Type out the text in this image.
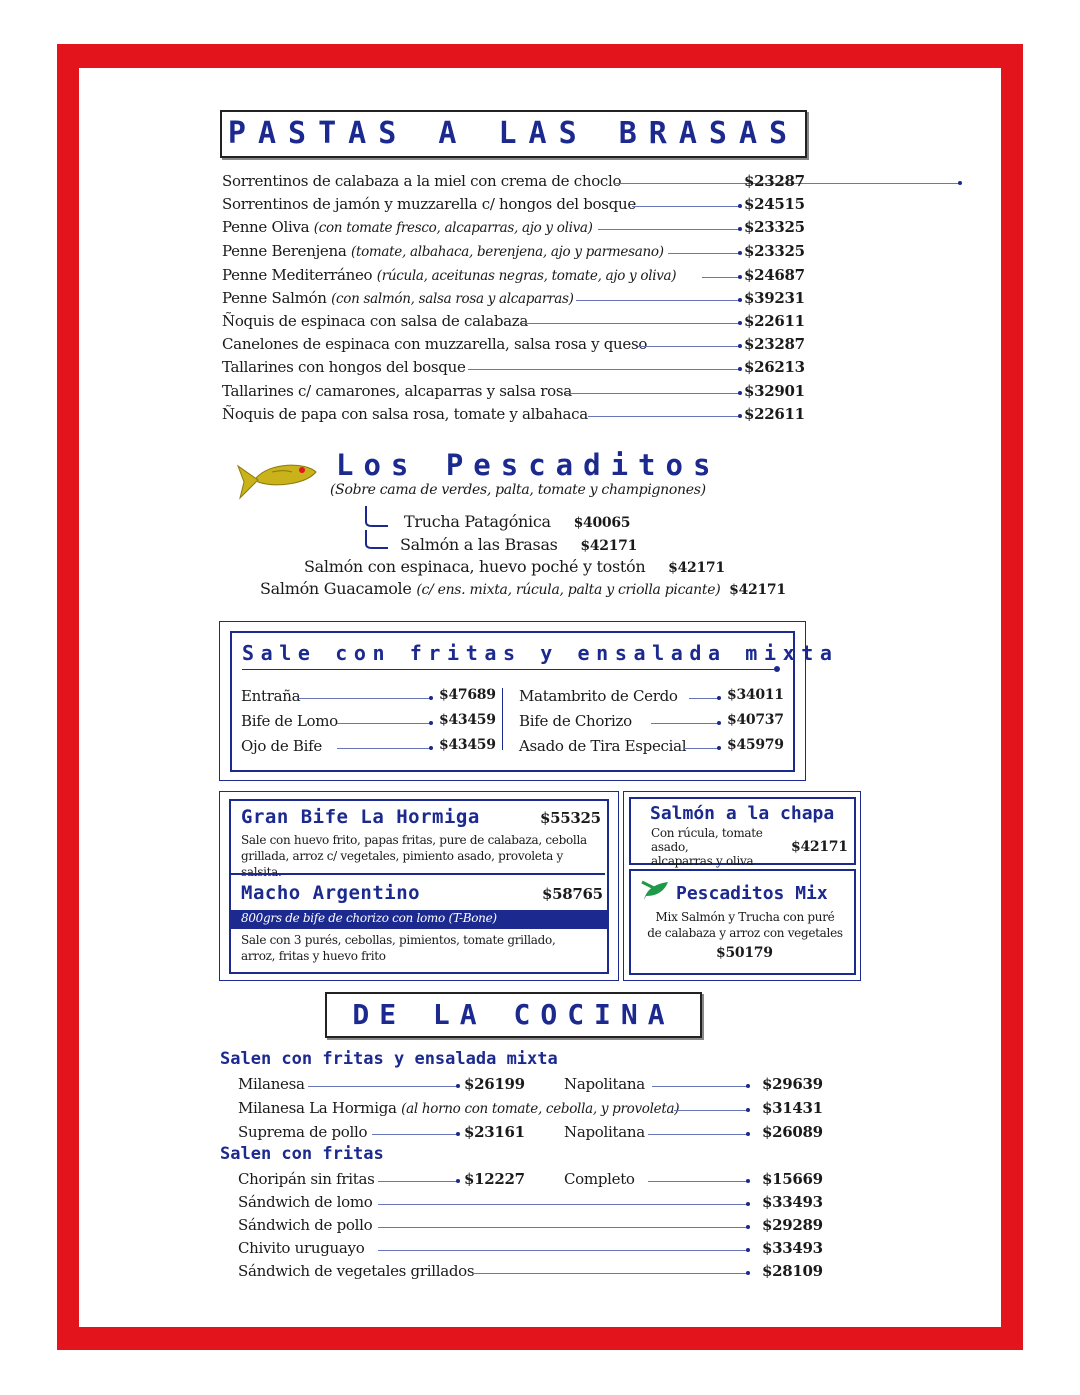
PASTAS A LAS BRASAS
Sorrentinos de calabaza a la miel con crema de choclo	$23287
Sorrentinos de jamón y muzzarella c/ hongos del bosque	$24515
Penne Oliva (con tomate fresco, alcaparras, ajo y oliva)	$23325
Penne Berenjena (tomate, albahaca, berenjena, ajo y parmesano)	$23325
Penne Mediterráneo (rúcula, aceitunas negras, tomate, ajo y oliva)	$24687
Penne Salmón (con salmón, salsa rosa y alcaparras)	$39231
Ñoquis de espinaca con salsa de calabaza	$22611
Canelones de espinaca con muzzarella, salsa rosa y queso	$23287
Tallarines con hongos del bosque	$26213
Tallarines c/ camarones, alcaparras y salsa rosa	$32901
Ñoquis de papa con salsa rosa, tomate y albahaca	$22611
Los Pescaditos
(Sobre cama de verdes, palta, tomate y champignones)
Trucha Patagónica $40065
Salmón a las Brasas $42171
Salmón con espinaca, huevo poché y tostón $42171
Salmón Guacamole (c/ ens. mixta, rúcula, palta y criolla picante) $42171
Sale con fritas y ensalada mixta
Entraña	$47689
Bife de Lomo	$43459
Ojo de Bife	$43459
Matambrito de Cerdo	$34011
Bife de Chorizo	$40737
Asado de Tira Especial	$45979
Gran Bife La Hormiga	$55325
Sale con huevo frito, papas fritas, pure de calabaza, cebolla
grillada, arroz c/ vegetales, pimiento asado, provoleta y salsita.
Macho Argentino	$58765
800grs de bife de chorizo con lomo (T-Bone)
Sale con 3 purés, cebollas, pimientos, tomate grillado,
arroz, fritas y huevo frito
Salmón a la chapa
Con rúcula, tomate asado,
alcaparras y oliva
$42171
Pescaditos Mix
Mix Salmón y Trucha con puré
de calabaza y arroz con vegetales
$50179
DE LA COCINA
Salen con fritas y ensalada mixta
Milanesa	$26199	Napolitana	$29639
Milanesa La Hormiga (al horno con tomate, cebolla, y provoleta)	$31431
Suprema de pollo	$23161	Napolitana	$26089
Salen con fritas
Choripán sin fritas	$12227	Completo	$15669
Sándwich de lomo	$33493
Sándwich de pollo	$29289
Chivito uruguayo	$33493
Sándwich de vegetales grillados	$28109
